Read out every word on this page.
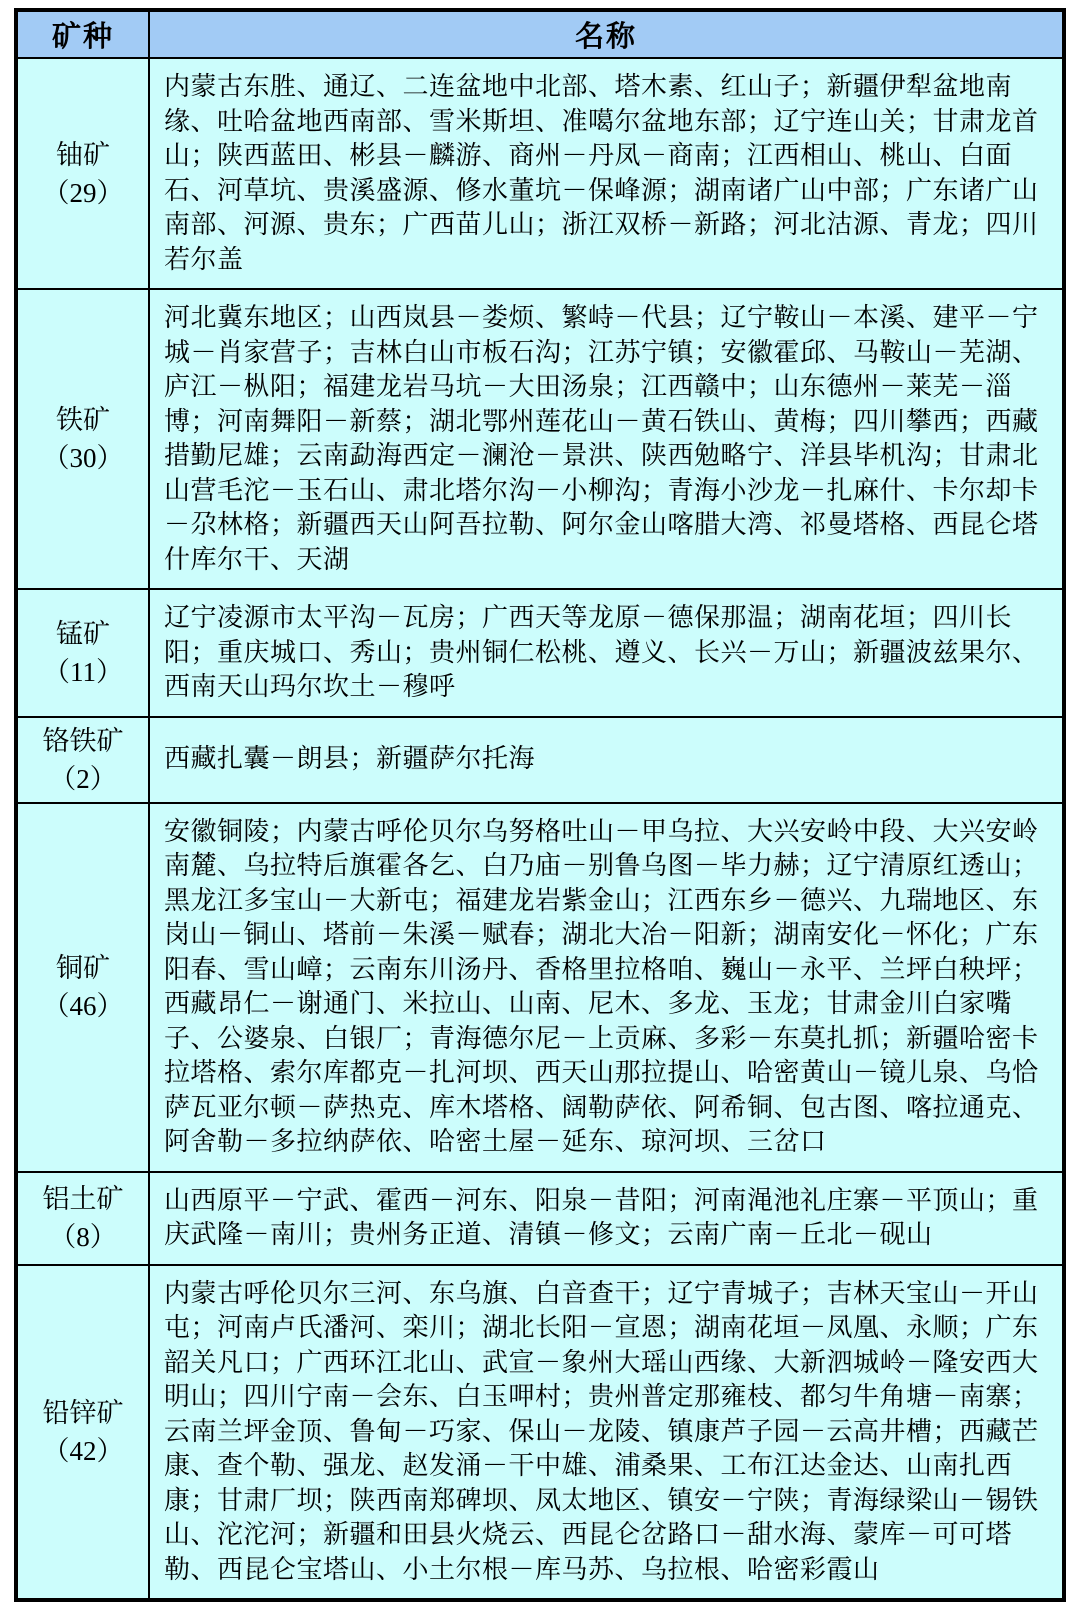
矿种	名称

铀矿
（29）	内蒙古东胜、通辽、二连盆地中北部、塔木素、红山子；新疆伊犁盆地南缘、吐哈盆地西南部、雪米斯坦、准噶尔盆地东部；辽宁连山关；甘肃龙首山；陕西蓝田、彬县－麟游、商州－丹凤－商南；江西相山、桃山、白面石、河草坑、贵溪盛源、修水董坑－保峰源；湖南诸广山中部；广东诸广山南部、河源、贵东；广西苗儿山；浙江双桥－新路；河北沽源、青龙；四川若尔盖

铁矿
（30）	河北冀东地区；山西岚县－娄烦、繁峙－代县；辽宁鞍山－本溪、建平－宁城－肖家营子；吉林白山市板石沟；江苏宁镇；安徽霍邱、马鞍山－芜湖、庐江－枞阳；福建龙岩马坑－大田汤泉；江西赣中；山东德州－莱芜－淄博；河南舞阳－新蔡；湖北鄂州莲花山－黄石铁山、黄梅；四川攀西；西藏措勤尼雄；云南勐海西定－澜沧－景洪、陕西勉略宁、洋县毕机沟；甘肃北山营毛沱－玉石山、肃北塔尔沟－小柳沟；青海小沙龙－扎麻什、卡尔却卡－尕林格；新疆西天山阿吾拉勒、阿尔金山喀腊大湾、祁曼塔格、西昆仑塔什库尔干、天湖

锰矿
（11）	辽宁凌源市太平沟－瓦房；广西天等龙原－德保那温；湖南花垣；四川长阳；重庆城口、秀山；贵州铜仁松桃、遵义、长兴－万山；新疆波兹果尔、西南天山玛尔坎土－穆呼

铬铁矿
（2）	西藏扎囊－朗县；新疆萨尔托海

铜矿
（46）	安徽铜陵；内蒙古呼伦贝尔乌努格吐山－甲乌拉、大兴安岭中段、大兴安岭南麓、乌拉特后旗霍各乞、白乃庙－别鲁乌图－毕力赫；辽宁清原红透山；黑龙江多宝山－大新屯；福建龙岩紫金山；江西东乡－德兴、九瑞地区、东岗山－铜山、塔前－朱溪－赋春；湖北大冶－阳新；湖南安化－怀化；广东阳春、雪山嶂；云南东川汤丹、香格里拉格咱、巍山－永平、兰坪白秧坪；西藏昂仁－谢通门、米拉山、山南、尼木、多龙、玉龙；甘肃金川白家嘴子、公婆泉、白银厂；青海德尔尼－上贡麻、多彩－东莫扎抓；新疆哈密卡拉塔格、索尔库都克－扎河坝、西天山那拉提山、哈密黄山－镜儿泉、乌恰萨瓦亚尔顿－萨热克、库木塔格、阔勒萨依、阿希铜、包古图、喀拉通克、阿舍勒－多拉纳萨依、哈密土屋－延东、琼河坝、三岔口

铝土矿
（8）	山西原平－宁武、霍西－河东、阳泉－昔阳；河南渑池礼庄寨－平顶山；重庆武隆－南川；贵州务正道、清镇－修文；云南广南－丘北－砚山

铅锌矿
（42）	内蒙古呼伦贝尔三河、东乌旗、白音查干；辽宁青城子；吉林天宝山－开山屯；河南卢氏潘河、栾川；湖北长阳－宣恩；湖南花垣－凤凰、永顺；广东韶关凡口；广西环江北山、武宣－象州大瑶山西缘、大新泗城岭－隆安西大明山；四川宁南－会东、白玉呷村；贵州普定那雍枝、都匀牛角塘－南寨；云南兰坪金顶、鲁甸－巧家、保山－龙陵、镇康芦子园－云高井槽；西藏芒康、查个勒、强龙、赵发涌－干中雄、浦桑果、工布江达金达、山南扎西康；甘肃厂坝；陕西南郑碑坝、凤太地区、镇安－宁陕；青海绿梁山－锡铁山、沱沱河；新疆和田县火烧云、西昆仑岔路口－甜水海、蒙库－可可塔勒、西昆仑宝塔山、小土尔根－库马苏、乌拉根、哈密彩霞山
